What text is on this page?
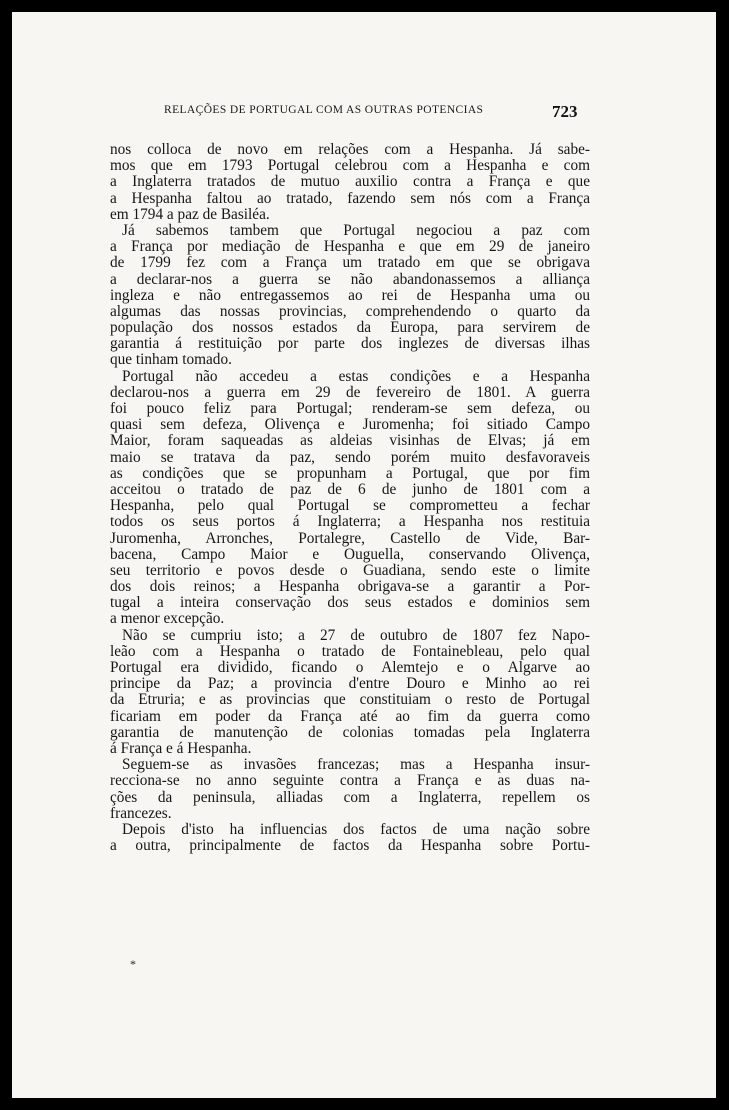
RELAÇÕES DE PORTUGAL COM AS OUTRAS POTENCIAS	723
nos colloca de novo em relações com a Hespanha. Já sabe-
mos que em 1793 Portugal celebrou com a Hespanha e com
a Inglaterra tratados de mutuo auxilio contra a França e que
a Hespanha faltou ao tratado, fazendo sem nós com a França
em 1794 a paz de Basiléa.
Já sabemos tambem que Portugal negociou a paz com
a França por mediação de Hespanha e que em 29 de janeiro
de 1799 fez com a França um tratado em que se obrigava
a declarar-nos a guerra se não abandonassemos a alliança
ingleza e não entregassemos ao rei de Hespanha uma ou
algumas das nossas provincias, comprehendendo o quarto da
população dos nossos estados da Europa, para servirem de
garantia á restituição por parte dos inglezes de diversas ilhas
que tinham tomado.
Portugal não accedeu a estas condições e a Hespanha
declarou-nos a guerra em 29 de fevereiro de 1801. A guerra
foi pouco feliz para Portugal; renderam-se sem defeza, ou
quasi sem defeza, Olivença e Juromenha; foi sitiado Campo
Maior, foram saqueadas as aldeias visinhas de Elvas; já em
maio se tratava da paz, sendo porém muito desfavoraveis
as condições que se propunham a Portugal, que por fim
acceitou o tratado de paz de 6 de junho de 1801 com a
Hespanha, pelo qual Portugal se comprometteu a fechar
todos os seus portos á Inglaterra; a Hespanha nos restituia
Juromenha, Arronches, Portalegre, Castello de Vide, Bar-
bacena, Campo Maior e Ouguella, conservando Olivença,
seu territorio e povos desde o Guadiana, sendo este o limite
dos dois reinos; a Hespanha obrigava-se a garantir a Por-
tugal a inteira conservação dos seus estados e dominios sem
a menor excepção.
Não se cumpriu isto; a 27 de outubro de 1807 fez Napo-
leão com a Hespanha o tratado de Fontainebleau, pelo qual
Portugal era dividido, ficando o Alemtejo e o Algarve ao
principe da Paz; a provincia d'entre Douro e Minho ao rei
da Etruria; e as provincias que constituiam o resto de Portugal
ficariam em poder da França até ao fim da guerra como
garantia de manutenção de colonias tomadas pela Inglaterra
á França e á Hespanha.
Seguem-se as invasões francezas; mas a Hespanha insur-
recciona-se no anno seguinte contra a França e as duas na-
ções da peninsula, alliadas com a Inglaterra, repellem os
francezes.
Depois d'isto ha influencias dos factos de uma nação sobre
a outra, principalmente de factos da Hespanha sobre Portu-
*
